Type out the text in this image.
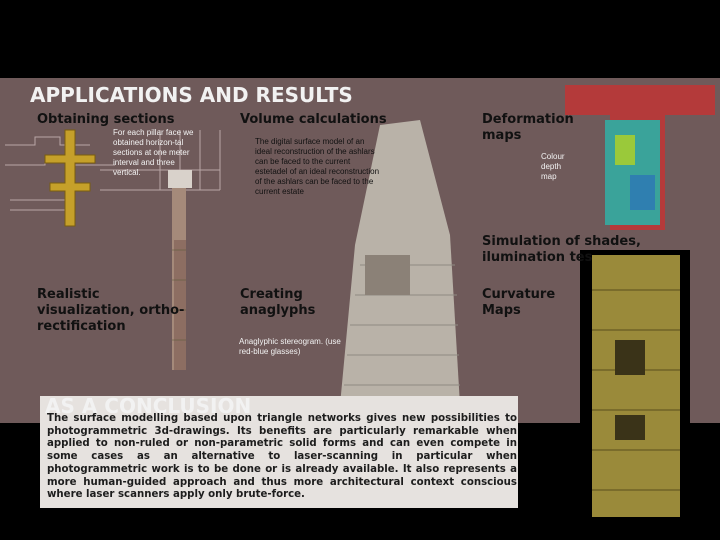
APPLICATIONS AND RESULTS
Obtaining sections	Volume calculations	Deformation maps
Simulation of shades, ilumination tes
Realistic visualization, ortho-rectification
Creating anaglyphs
Curvature Maps
For each pillar face we obtained horizon-tal sections at one meter interval and three vertical.
The digital surface model of an ideal reconstruction of the ashlars can be faced to the current estetadel of an ideal reconstruction of the ashlars can be faced to the current estate
Colour depth map
Anaglyphic stereogram. (use red-blue glasses)
AS A CONCLUSION
The surface modelling based upon triangle networks gives new possibilities to photogrammetric 3d-drawings. Its benefits are particularly remarkable when applied to non-ruled or non-parametric solid forms and can even compete in some cases as an alternative to laser-scanning in particular when photogrammetric work is to be done or is already available. It also represents a more human-guided approach and thus more architectural context conscious where laser scanners apply only brute-force.
